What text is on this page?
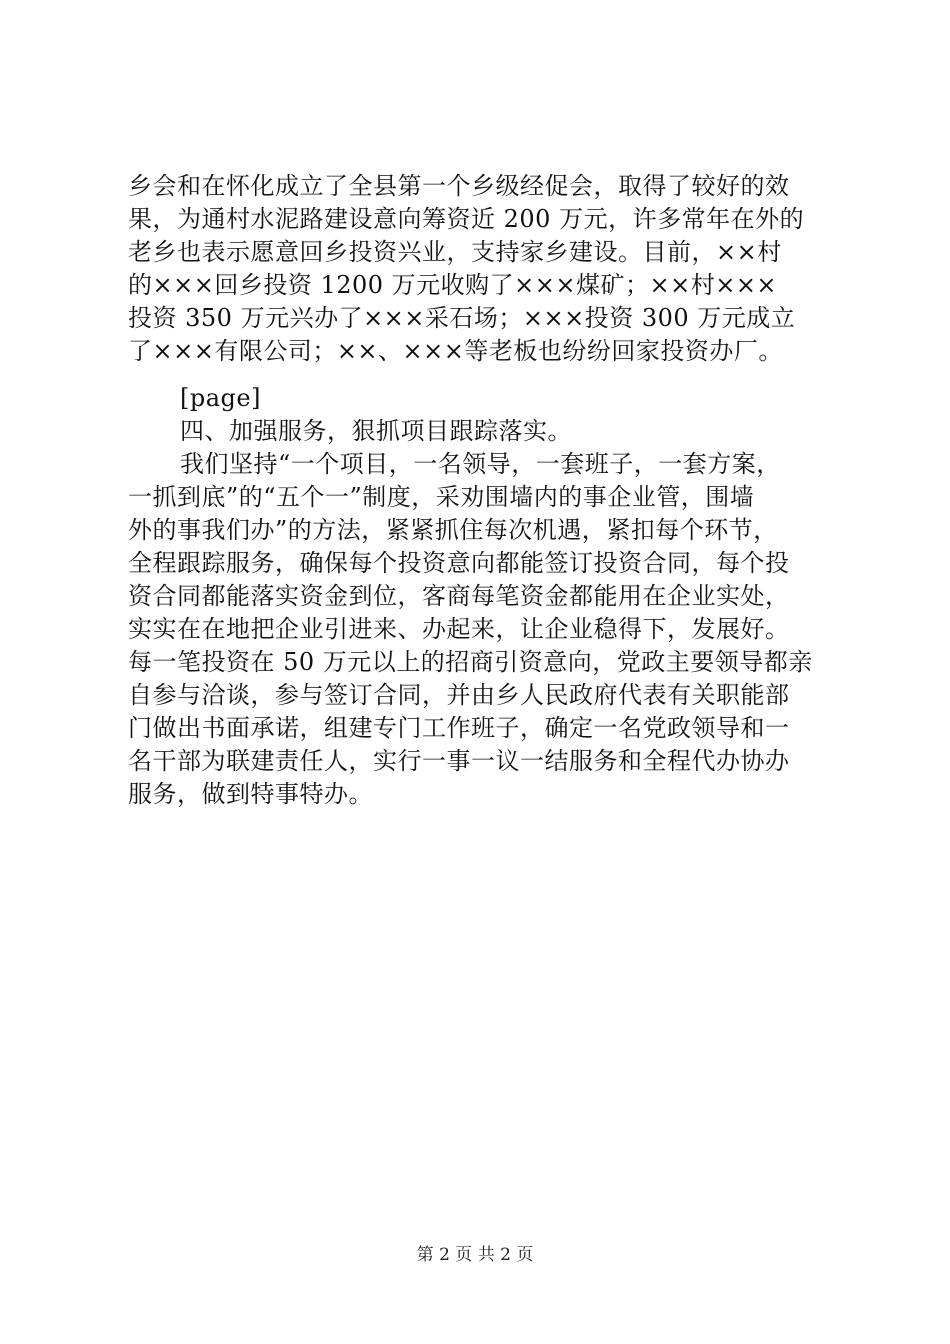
乡会和在怀化成立了全县第一个乡级经促会，取得了较好的效
果，为通村水泥路建设意向筹资近 200 万元，许多常年在外的
老乡也表示愿意回乡投资兴业，支持家乡建设。目前，××村
的×××回乡投资 1200 万元收购了×××煤矿；××村×××
投资 350 万元兴办了×××采石场；×××投资 300 万元成立
了×××有限公司；××、×××等老板也纷纷回家投资办厂。
[page]
四、加强服务，狠抓项目跟踪落实。
我们坚持“一个项目，一名领导，一套班子，一套方案，
一抓到底”的“五个一”制度，采劝围墙内的事企业管，围墙
外的事我们办”的方法，紧紧抓住每次机遇，紧扣每个环节，
全程跟踪服务，确保每个投资意向都能签订投资合同，每个投
资合同都能落实资金到位，客商每笔资金都能用在企业实处，
实实在在地把企业引进来、办起来，让企业稳得下，发展好。
每一笔投资在 50 万元以上的招商引资意向，党政主要领导都亲
自参与洽谈，参与签订合同，并由乡人民政府代表有关职能部
门做出书面承诺，组建专门工作班子，确定一名党政领导和一
名干部为联建责任人，实行一事一议一结服务和全程代办协办
服务，做到特事特办。
第 2 页 共 2 页
